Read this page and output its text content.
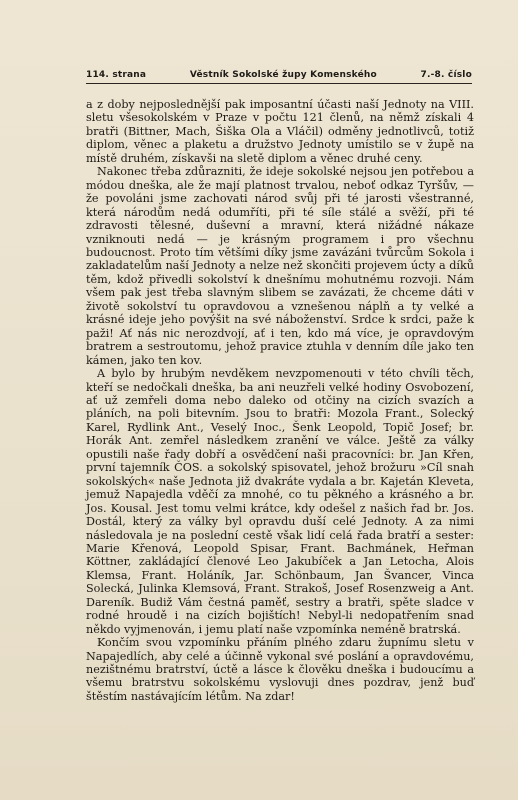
114. strana	Věstník Sokolské župy Komenského	7.-8. číslo

a z doby nejposlednější pak imposantní účasti naší Jednoty na VIII. sletu všesokolském v Praze v počtu 121 členů, na němž získali 4 bratři (Bittner, Mach, Šiška Ola a Vláčil) odměny jednotlivců, totiž diplom, věnec a plaketu a družstvo Jednoty umístilo se v župě na místě druhém, získavši na sletě diplom a věnec druhé ceny.

Nakonec třeba zdůrazniti, že ideje sokolské nejsou jen potřebou a módou dneška, ale že mají platnost trvalou, neboť odkaz Tyršův, — že povoláni jsme zachovati národ svůj při té jarosti všestranné, která národům nedá odumříti, při té síle stálé a svěží, při té zdravosti tělesné, duševní a mravní, která nižádné nákaze vzniknouti nedá — je krásným programem i pro všechnu budoucnost. Proto tím většími díky jsme zavázáni tvůrcům Sokola i zakladatelům naší Jednoty a nelze než skončiti projevem úcty a díků těm, kdož přivedli sokolství k dnešnímu mohutnému rozvoji. Nám všem pak jest třeba slavným slibem se zavázati, že chceme dáti v životě sokolství tu opravdovou a vznešenou náplň a ty velké a krásné ideje jeho povýšit na své náboženství. Srdce k srdci, paže k paži! Ať nás nic nerozdvojí, ať i ten, kdo má více, je opravdovým bratrem a sestroutomu, jehož pravice ztuhla v denním díle jako ten kámen, jako ten kov.

A bylo by hrubým nevděkem nevzpomenouti v této chvíli těch, kteří se nedočkali dneška, ba ani neuzřeli velké hodiny Osvobození, ať už zemřeli doma nebo daleko od otčiny na cizích svazích a pláních, na poli bitevním. Jsou to bratři: Mozola Frant., Solecký Karel, Rydlink Ant., Veselý Inoc., Šenk Leopold, Topič Josef; br. Horák Ant. zemřel následkem zranění ve válce. Ještě za války opustili naše řady dobří a osvědčení naši pracovníci: br. Jan Křen, první tajemník ČOS. a sokolský spisovatel, jehož brožuru »Cíl snah sokolských« naše Jednota již dvakráte vydala a br. Kajetán Kleveta, jemuž Napajedla vděčí za mnohé, co tu pěkného a krásného a br. Jos. Kousal. Jest tomu velmi krátce, kdy odešel z našich řad br. Jos. Dostál, který za války byl opravdu duší celé Jednoty. A za nimi následovala je na poslední cestě však lidí celá řada bratří a sester: Marie Křenová, Leopold Spisar, Frant. Bachmánek, Heřman Köttner, zakládající členové Leo Jakubíček a Jan Letocha, Alois Klemsa, Frant. Holáník, Jar. Schönbaum, Jan Švancer, Vinca Solecká, Julinka Klemsová, Frant. Strakoš, Josef Rosenzweig a Ant. Dareník. Budiž Vám čestná paměť, sestry a bratři, spěte sladce v rodné hroudě i na cizích bojištích! Nebyl-li nedopatřením snad někdo vyjmenován, i jemu platí naše vzpomínka neméně bratrská.

Končím svou vzpomínku přáním plného zdaru župnímu sletu v Napajedlích, aby celé a účinně vykonal své poslání a opravdovému, nezištnému bratrství, úctě a lásce k člověku dneška i budoucímu a všemu bratrstvu sokolskému vyslovuji dnes pozdrav, jenž buď štěstím nastávajícím létům. Na zdar!
